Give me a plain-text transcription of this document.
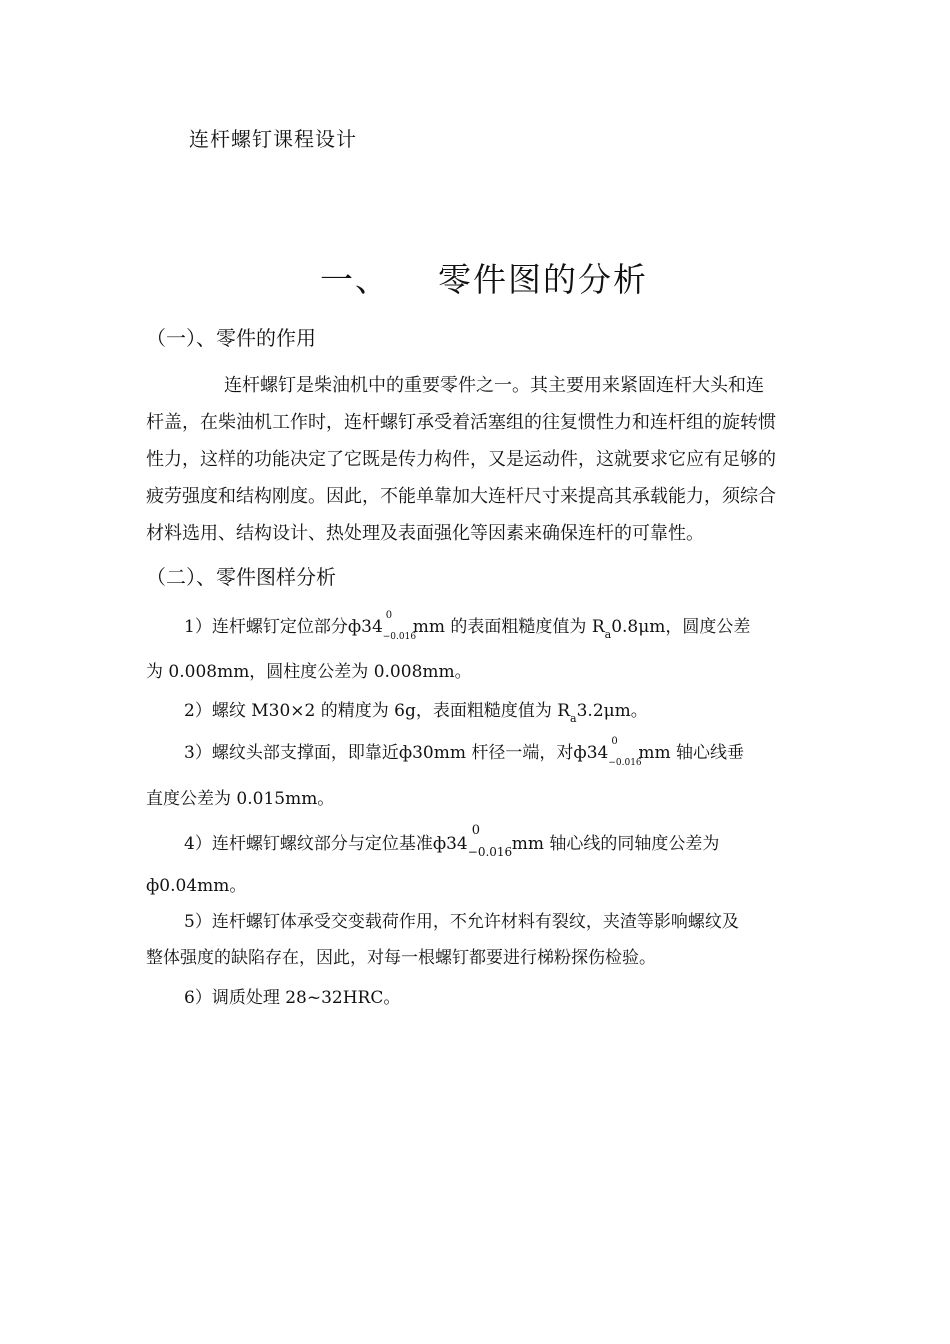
连杆螺钉课程设计
一、 零件图的分析
（一）、零件的作用
连杆螺钉是柴油机中的重要零件之一。其主要用来紧固连杆大头和连
杆盖，在柴油机工作时，连杆螺钉承受着活塞组的往复惯性力和连杆组的旋转惯
性力，这样的功能决定了它既是传力构件，又是运动件，这就要求它应有足够的
疲劳强度和结构刚度。因此，不能单靠加大连杆尺寸来提高其承载能力，须综合
材料选用、结构设计、热处理及表面强化等因素来确保连杆的可靠性。
（二）、零件图样分析
1）连杆螺钉定位部分ф34
0
−0.016
mm 的表面粗糙度值为 $R_a0.8\mu m$，圆度公差
为 0.008mm，圆柱度公差为 0.008mm。
2）螺纹 M30×2 的精度为 6g，表面粗糙度值为 $R_a3.2\mu m$。
3）螺纹头部支撑面，即靠近ф30mm 杆径一端，对ф34
0
−0.016
mm 轴心线垂
直度公差为 0.015mm。
4）连杆螺钉螺纹部分与定位基准ф34
0
−0.016 mm 轴心线的同轴度公差为
ф0.04mm。
5）连杆螺钉体承受交变载荷作用，不允许材料有裂纹，夹渣等影响螺纹及
整体强度的缺陷存在，因此，对每一根螺钉都要进行梯粉探伤检验。
6）调质处理 28~32HRC。
